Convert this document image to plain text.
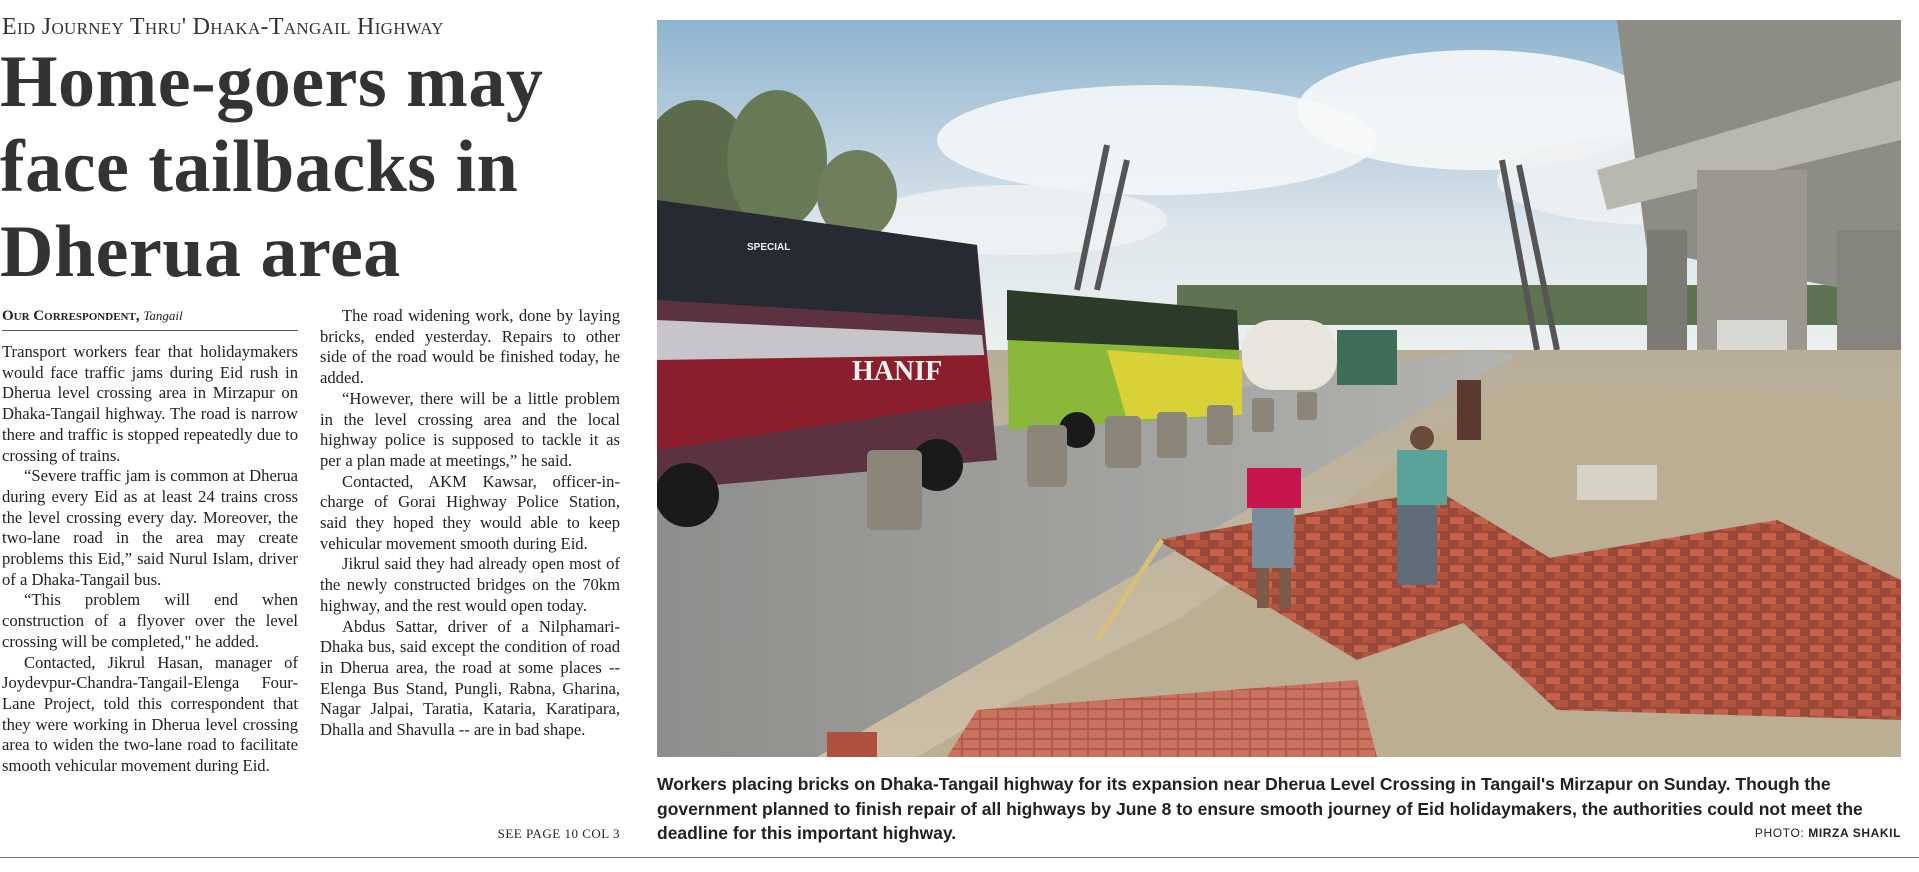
Eid Journey Thru' Dhaka-Tangail Highway
Home-goers may face tailbacks in Dherua area
Our Correspondent, Tangail

Transport workers fear that holidaymakers would face traffic jams during Eid rush in Dherua level crossing area in Mirzapur on Dhaka-Tangail highway. The road is narrow there and traffic is stopped repeatedly due to crossing of trains.

“Severe traffic jam is common at Dherua during every Eid as at least 24 trains cross the level crossing every day. Moreover, the two-lane road in the area may create problems this Eid,” said Nurul Islam, driver of a Dhaka-Tangail bus.

“This problem will end when construction of a flyover over the level crossing will be completed," he added.

Contacted, Jikrul Hasan, manager of Joydevpur-Chandra-Tangail-Elenga Four- Lane Project, told this correspondent that they were working in Dherua level crossing area to widen the two-lane road to facilitate smooth vehicular movement during Eid.

The road widening work, done by laying bricks, ended yesterday. Repairs to other side of the road would be finished today, he added.

“However, there will be a little problem in the level crossing area and the local highway police is supposed to tackle it as per a plan made at meetings,” he said.

Contacted, AKM Kawsar, officer-in-charge of Gorai Highway Police Station, said they hoped they would able to keep vehicular movement smooth during Eid.

Jikrul said they had already open most of the newly constructed bridges on the 70km highway, and the rest would open today.

Abdus Sattar, driver of a Nilphamari-Dhaka bus, said except the condition of road in Dherua area, the road at some places -- Elenga Bus Stand, Pungli, Rabna, Gharina, Nagar Jalpai, Taratia, Kataria, Karatipara, Dhalla and Shavulla -- are in bad shape.

SEE PAGE 10 COL 3
HANIF
SPECIAL

Workers placing bricks on Dhaka-Tangail highway for its expansion near Dherua Level Crossing in Tangail's Mirzapur on Sunday. Though the government planned to finish repair of all highways by June 8 to ensure smooth journey of Eid holidaymakers, the authorities could not meet the deadline for this important highway.	PHOTO: MIRZA SHAKIL
